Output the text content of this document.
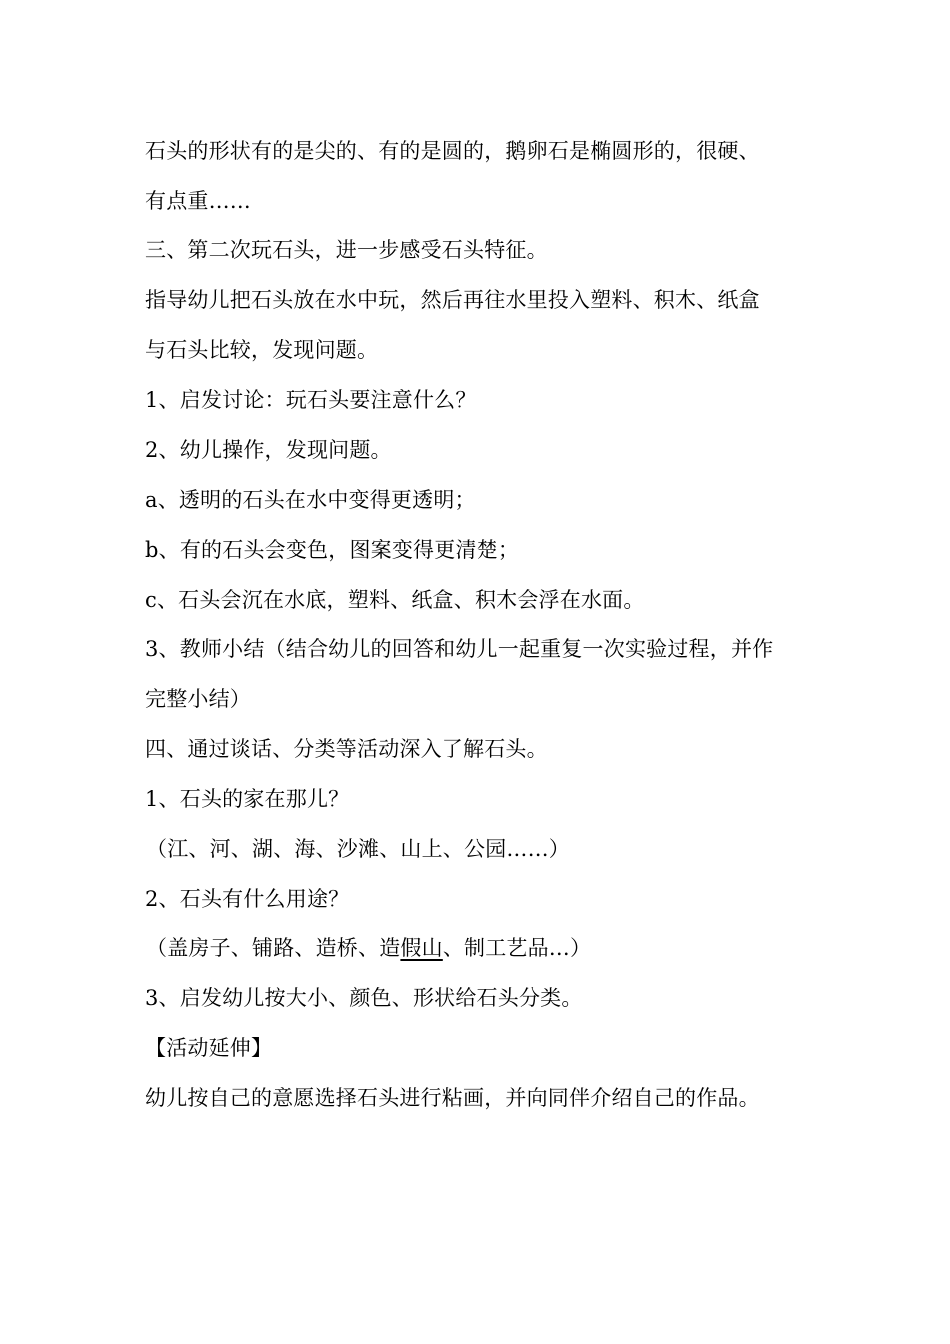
石头的形状有的是尖的、有的是圆的，鹅卵石是椭圆形的，很硬、
有点重……
三、第二次玩石头，进一步感受石头特征。
指导幼儿把石头放在水中玩，然后再往水里投入塑料、积木、纸盒
与石头比较，发现问题。
1、启发讨论：玩石头要注意什么？
2、幼儿操作，发现问题。
a、透明的石头在水中变得更透明；
b、有的石头会变色，图案变得更清楚；
c、石头会沉在水底，塑料、纸盒、积木会浮在水面。
3、教师小结（结合幼儿的回答和幼儿一起重复一次实验过程，并作
完整小结）
四、通过谈话、分类等活动深入了解石头。
1、石头的家在那儿？
（江、河、湖、海、沙滩、山上、公园……）
2、石头有什么用途？
（盖房子、铺路、造桥、造假山、制工艺品…）
3、启发幼儿按大小、颜色、形状给石头分类。
【活动延伸】
幼儿按自己的意愿选择石头进行粘画，并向同伴介绍自己的作品。
